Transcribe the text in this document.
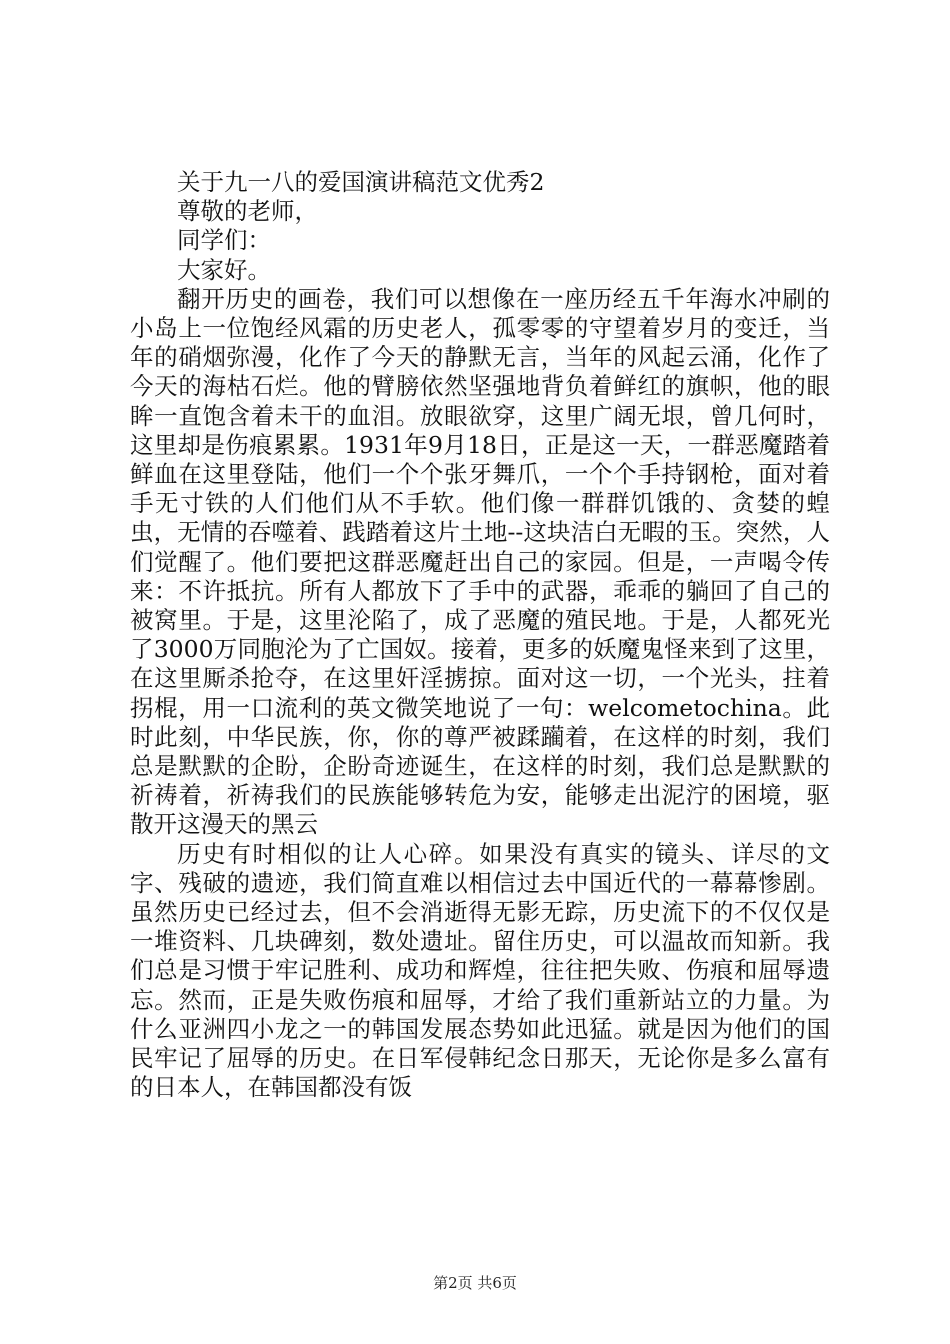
关于九一八的爱国演讲稿范文优秀2

尊敬的老师，

同学们：

大家好。

翻开历史的画卷，我们可以想像在一座历经五千年海水冲刷的小岛上一位饱经风霜的历史老人，孤零零的守望着岁月的变迁，当年的硝烟弥漫，化作了今天的静默无言，当年的风起云涌，化作了今天的海枯石烂。他的臂膀依然坚强地背负着鲜红的旗帜，他的眼眸一直饱含着未干的血泪。放眼欲穿，这里广阔无垠，曾几何时，这里却是伤痕累累。1931年9月18日，正是这一天，一群恶魔踏着鲜血在这里登陆，他们一个个张牙舞爪，一个个手持钢枪，面对着手无寸铁的人们他们从不手软。他们像一群群饥饿的、贪婪的蝗虫，无情的吞噬着、践踏着这片土地--这块洁白无暇的玉。突然，人们觉醒了。他们要把这群恶魔赶出自己的家园。但是，一声喝令传来：不许抵抗。所有人都放下了手中的武器，乖乖的躺回了自己的被窝里。于是，这里沦陷了，成了恶魔的殖民地。于是，人都死光了3000万同胞沦为了亡国奴。接着，更多的妖魔鬼怪来到了这里，在这里厮杀抢夺，在这里奸淫掳掠。面对这一切，一个光头，拄着拐棍，用一口流利的英文微笑地说了一句：welcometochina。此时此刻，中华民族，你，你的尊严被蹂躏着，在这样的时刻，我们总是默默的企盼，企盼奇迹诞生，在这样的时刻，我们总是默默的祈祷着，祈祷我们的民族能够转危为安，能够走出泥泞的困境，驱散开这漫天的黑云

历史有时相似的让人心碎。如果没有真实的镜头、详尽的文字、残破的遗迹，我们简直难以相信过去中国近代的一幕幕惨剧。虽然历史已经过去，但不会消逝得无影无踪，历史流下的不仅仅是一堆资料、几块碑刻，数处遗址。留住历史，可以温故而知新。我们总是习惯于牢记胜利、成功和辉煌，往往把失败、伤痕和屈辱遗忘。然而，正是失败伤痕和屈辱，才给了我们重新站立的力量。为什么亚洲四小龙之一的韩国发展态势如此迅猛。就是因为他们的国民牢记了屈辱的历史。在日军侵韩纪念日那天，无论你是多么富有的日本人，在韩国都没有饭

第2页 共6页
